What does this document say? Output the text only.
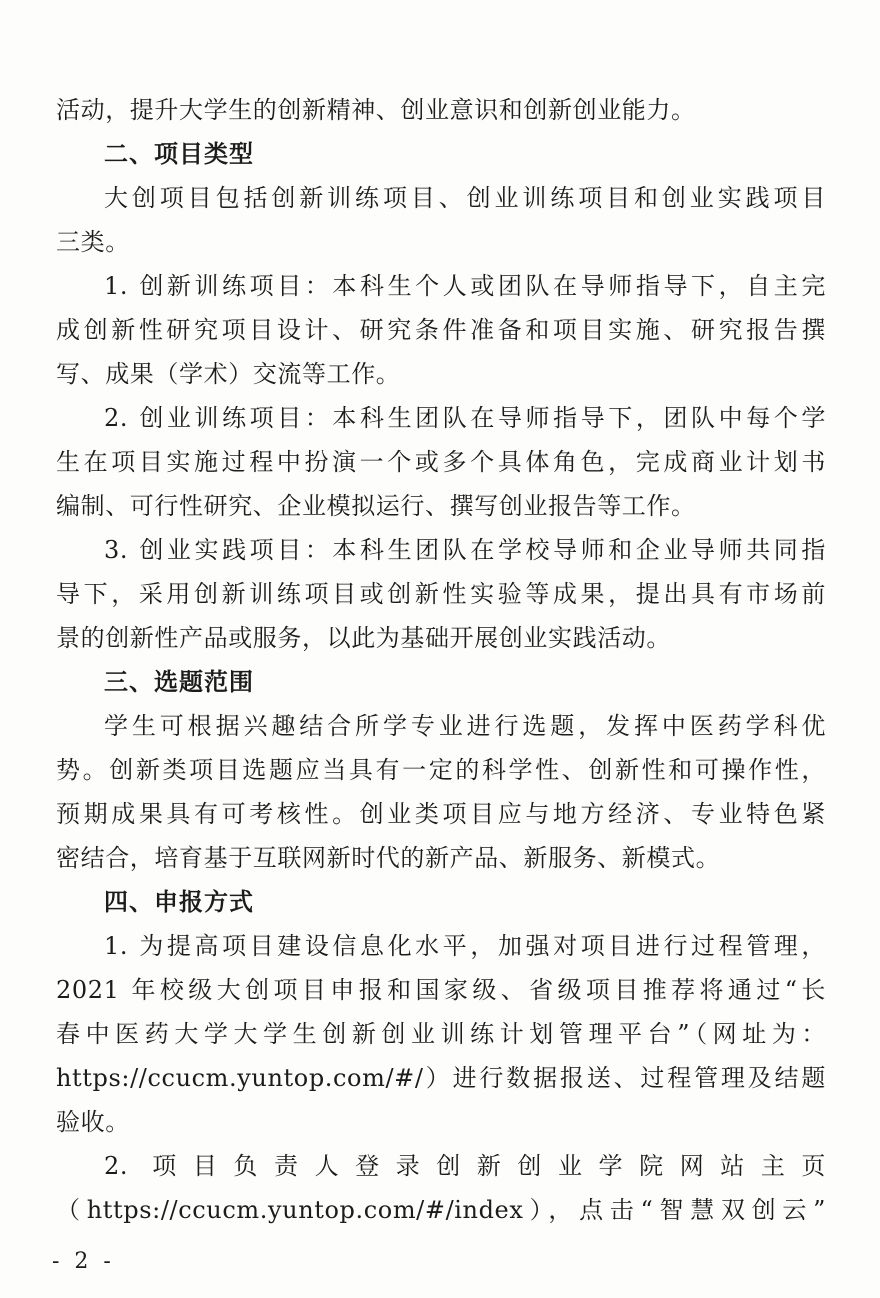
活动，提升大学生的创新精神、创业意识和创新创业能力。
二、项目类型
大创项目包括创新训练项目、创业训练项目和创业实践项目
三类。
1. 创新训练项目：本科生个人或团队在导师指导下，自主完
成创新性研究项目设计、研究条件准备和项目实施、研究报告撰
写、成果（学术）交流等工作。
2. 创业训练项目：本科生团队在导师指导下，团队中每个学
生在项目实施过程中扮演一个或多个具体角色，完成商业计划书
编制、可行性研究、企业模拟运行、撰写创业报告等工作。
3. 创业实践项目：本科生团队在学校导师和企业导师共同指
导下，采用创新训练项目或创新性实验等成果，提出具有市场前
景的创新性产品或服务，以此为基础开展创业实践活动。
三、选题范围
学生可根据兴趣结合所学专业进行选题，发挥中医药学科优
势。创新类项目选题应当具有一定的科学性、创新性和可操作性，
预期成果具有可考核性。创业类项目应与地方经济、专业特色紧
密结合，培育基于互联网新时代的新产品、新服务、新模式。
四、申报方式
1. 为提高项目建设信息化水平，加强对项目进行过程管理，
2021 年校级大创项目申报和国家级、省级项目推荐将通过“长
春中医药大学大学生创新创业训练计划管理平台”（网址为：
https://ccucm.yuntop.com/#/）进行数据报送、过程管理及结题
验收。
2. 项目负责人登录创新创业学院网站主页
（https://ccucm.yuntop.com/#/index），点击“智慧双创云”
- 2 -
